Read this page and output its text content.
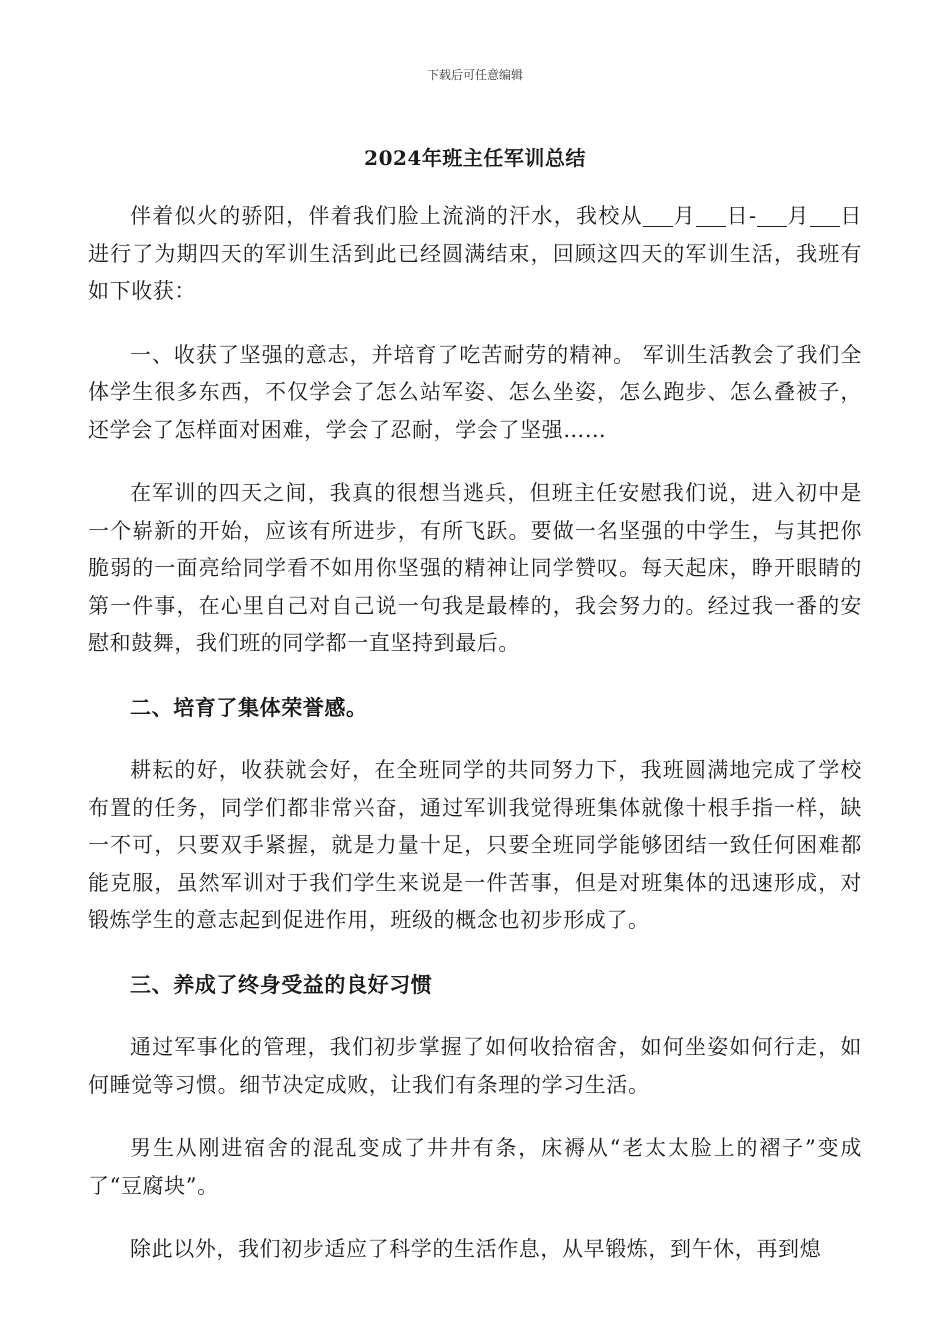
下载后可任意编辑
2024年班主任军训总结

伴着似火的骄阳，伴着我们脸上流淌的汗水，我校从 月 日- 月 日进行了为期四天的军训生活到此已经圆满结束，回顾这四天的军训生活，我班有如下收获：

一、收获了坚强的意志，并培育了吃苦耐劳的精神。 军训生活教会了我们全体学生很多东西，不仅学会了怎么站军姿、怎么坐姿，怎么跑步、怎么叠被子，还学会了怎样面对困难，学会了忍耐，学会了坚强……

在军训的四天之间，我真的很想当逃兵，但班主任安慰我们说，进入初中是一个崭新的开始，应该有所进步，有所飞跃。要做一名坚强的中学生，与其把你脆弱的一面亮给同学看不如用你坚强的精神让同学赞叹。每天起床，睁开眼睛的第一件事，在心里自己对自己说一句我是最棒的，我会努力的。经过我一番的安慰和鼓舞，我们班的同学都一直坚持到最后。

二、培育了集体荣誉感。

耕耘的好，收获就会好，在全班同学的共同努力下，我班圆满地完成了学校布置的任务，同学们都非常兴奋，通过军训我觉得班集体就像十根手指一样，缺一不可，只要双手紧握，就是力量十足，只要全班同学能够团结一致任何困难都能克服，虽然军训对于我们学生来说是一件苦事，但是对班集体的迅速形成，对锻炼学生的意志起到促进作用，班级的概念也初步形成了。

三、养成了终身受益的良好习惯

通过军事化的管理，我们初步掌握了如何收拾宿舍，如何坐姿如何行走，如何睡觉等习惯。细节决定成败，让我们有条理的学习生活。

男生从刚进宿舍的混乱变成了井井有条，床褥从“老太太脸上的褶子”变成了“豆腐块”。

除此以外，我们初步适应了科学的生活作息，从早锻炼，到午休，再到熄
